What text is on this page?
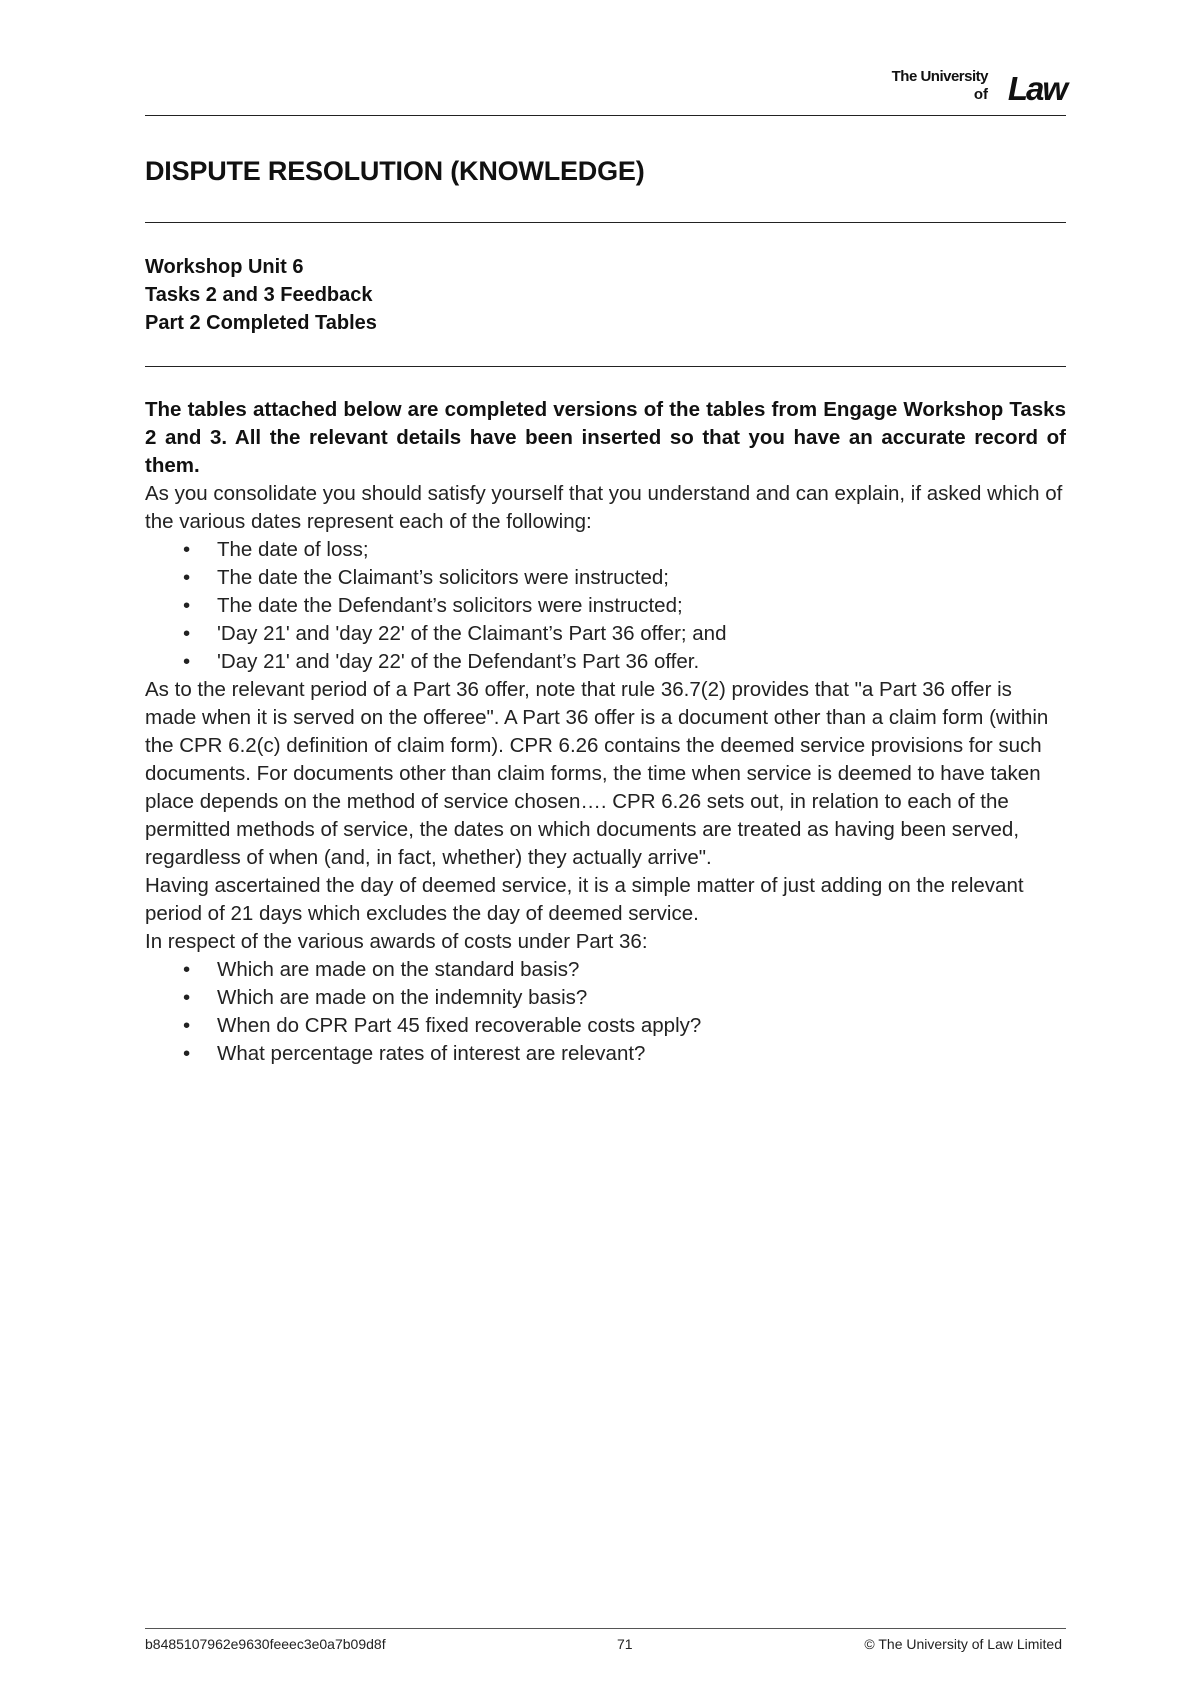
The University
of Law
DISPUTE RESOLUTION (KNOWLEDGE)
Workshop Unit 6
Tasks 2 and 3 Feedback
Part 2 Completed Tables

The tables attached below are completed versions of the tables from Engage Workshop Tasks 2 and 3. All the relevant details have been inserted so that you have an accurate record of them.

As you consolidate you should satisfy yourself that you understand and can explain, if asked which of the various dates represent each of the following:

• The date of loss;
• The date the Claimant’s solicitors were instructed;
• The date the Defendant’s solicitors were instructed;
• 'Day 21' and 'day 22' of the Claimant’s Part 36 offer; and
• 'Day 21' and 'day 22' of the Defendant’s Part 36 offer.

As to the relevant period of a Part 36 offer, note that rule 36.7(2) provides that "a Part 36 offer is made when it is served on the offeree". A Part 36 offer is a document other than a claim form (within the CPR 6.2(c) definition of claim form). CPR 6.26 contains the deemed service provisions for such documents. For documents other than claim forms, the time when service is deemed to have taken place depends on the method of service chosen…. CPR 6.26 sets out, in relation to each of the permitted methods of service, the dates on which documents are treated as having been served, regardless of when (and, in fact, whether) they actually arrive".

Having ascertained the day of deemed service, it is a simple matter of just adding on the relevant period of 21 days which excludes the day of deemed service.

In respect of the various awards of costs under Part 36:

• Which are made on the standard basis?
• Which are made on the indemnity basis?
• When do CPR Part 45 fixed recoverable costs apply?
• What percentage rates of interest are relevant?
b8485107962e9630feeec3e0a7b09d8f	71	© The University of Law Limited
